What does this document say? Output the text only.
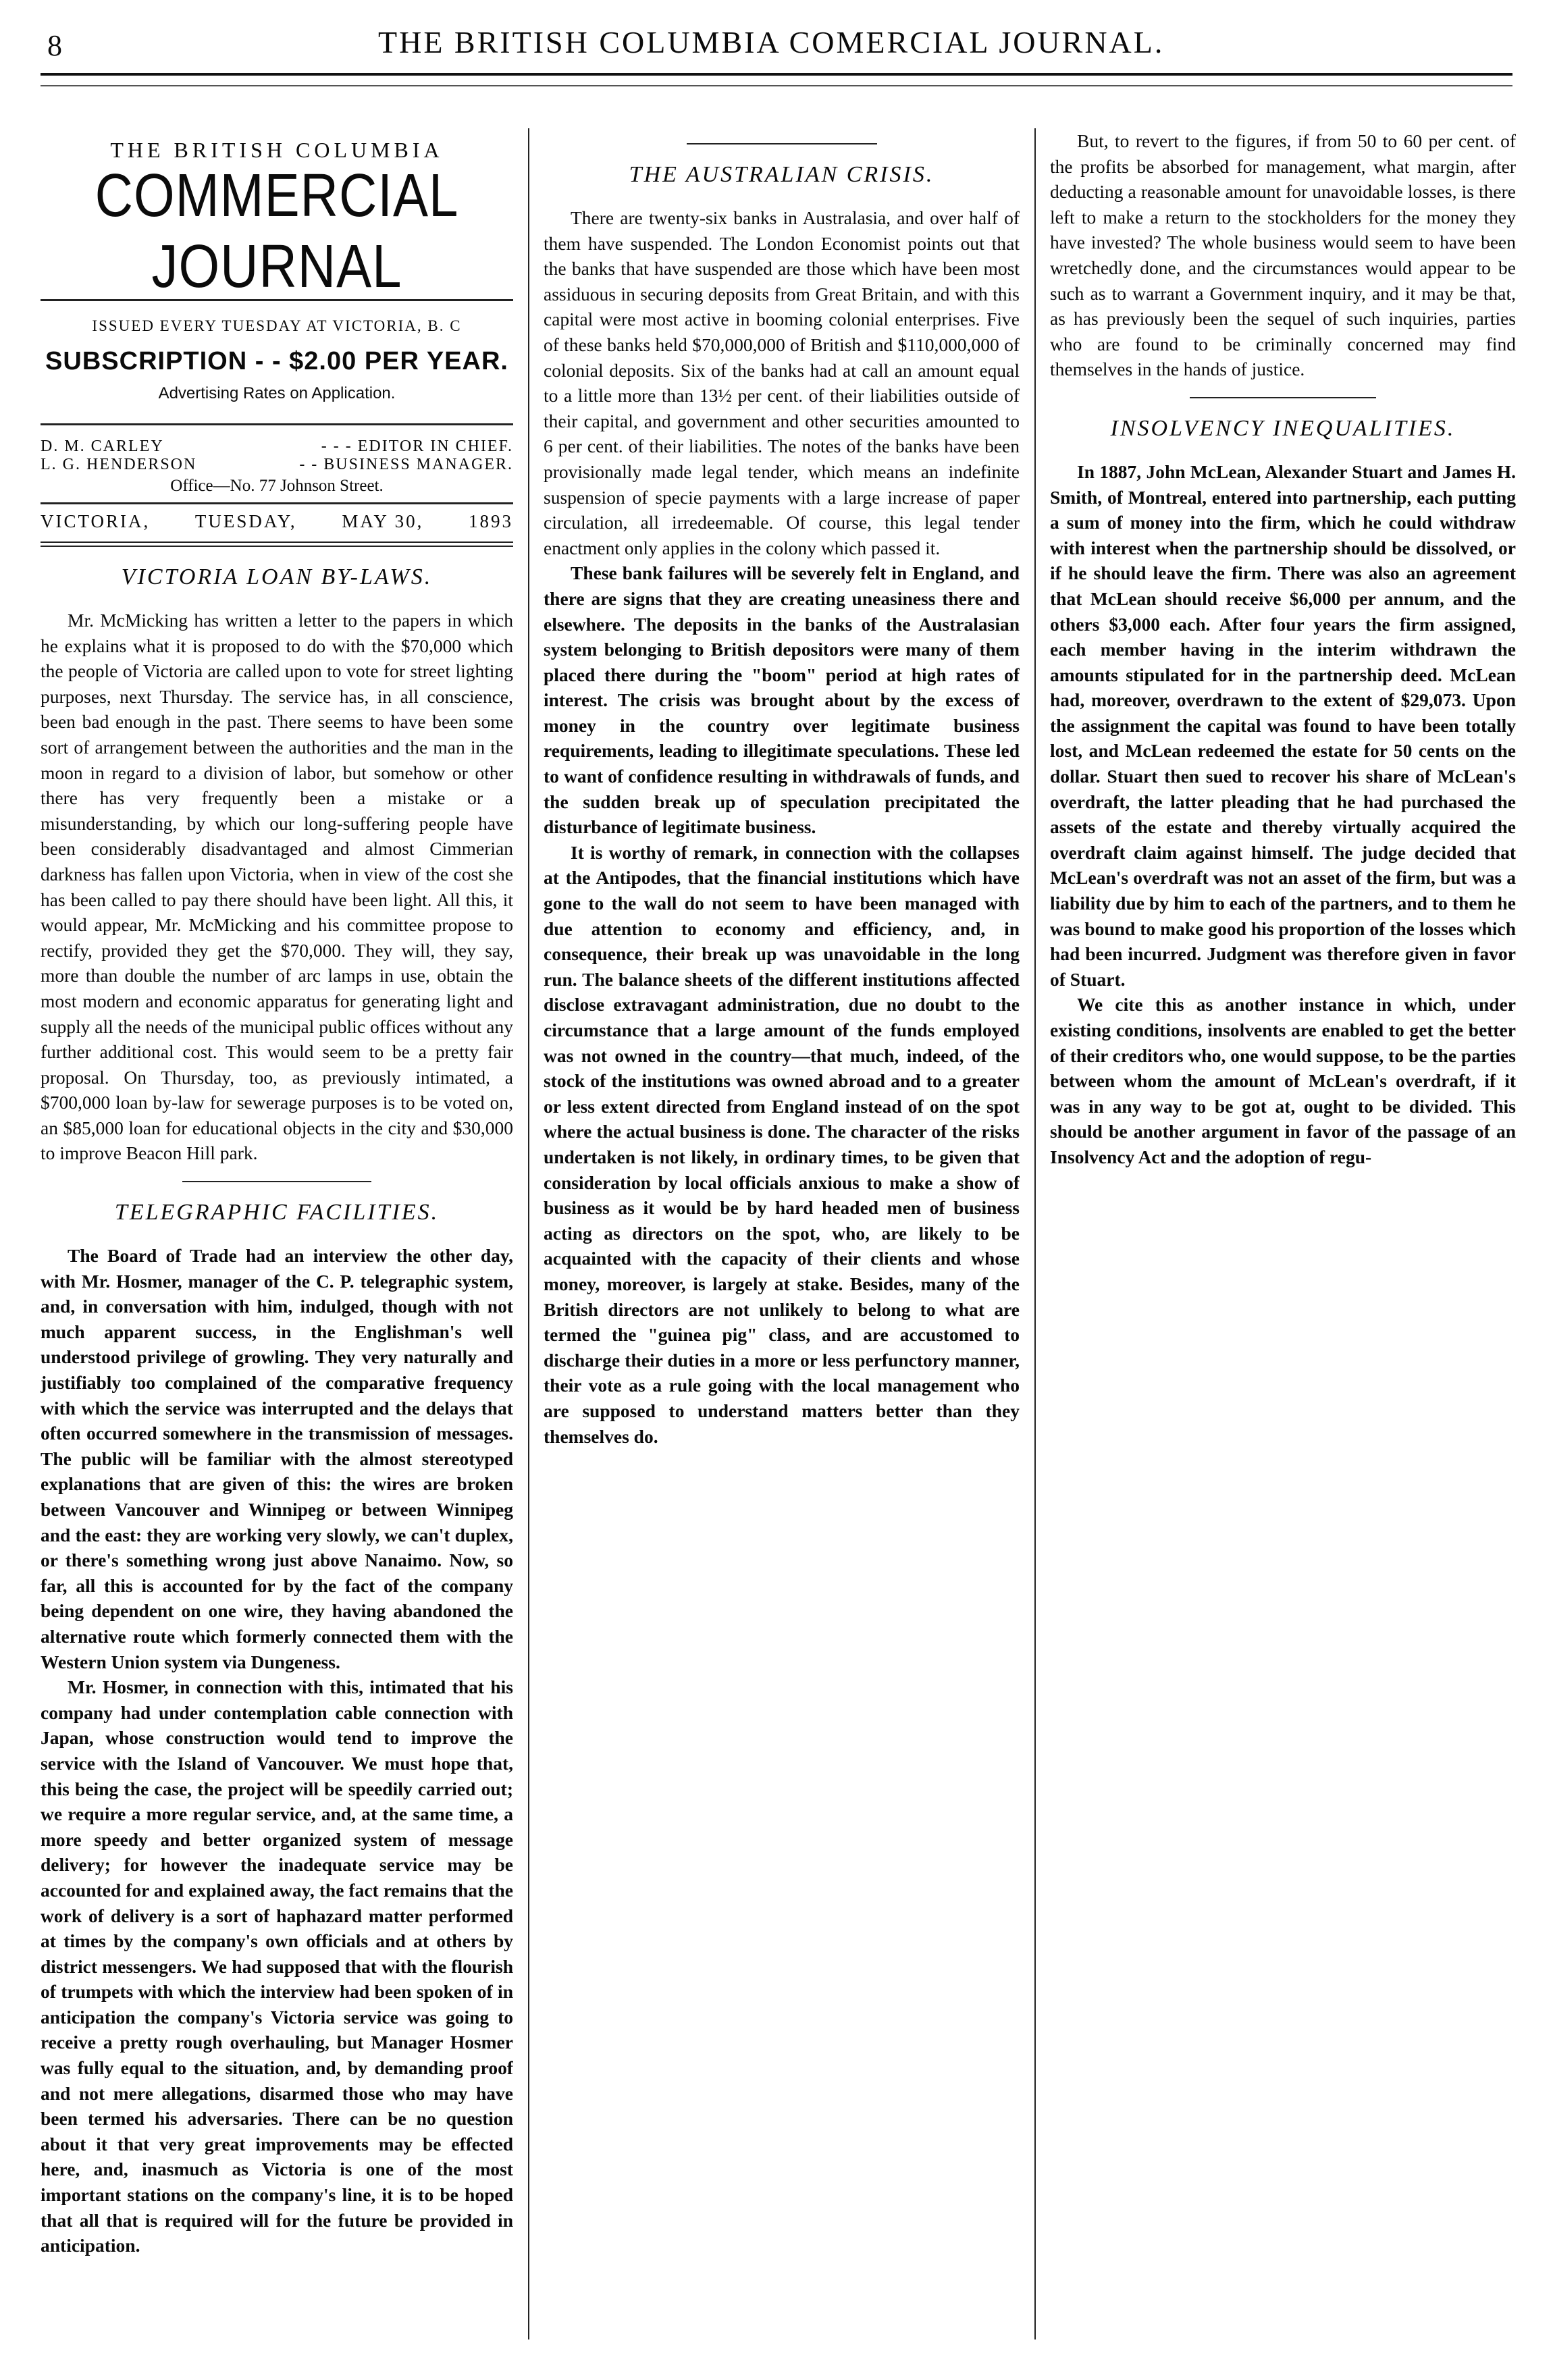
8	THE BRITISH COLUMBIA COMERCIAL JOURNAL.
THE BRITISH COLUMBIA
COMMERCIAL JOURNAL
ISSUED EVERY TUESDAY AT VICTORIA, B. C
SUBSCRIPTION - - $2.00 PER YEAR.
Advertising Rates on Application.
D. M. CARLEY	- - - EDITOR IN CHIEF.
L. G. HENDERSON	- - BUSINESS MANAGER.
Office—No. 77 Johnson Street.
VICTORIA, TUESDAY, MAY 30, 1893
VICTORIA LOAN BY-LAWS.

Mr. McMicking has written a letter to the papers in which he explains what it is proposed to do with the $70,000 which the people of Victoria are called upon to vote for street lighting purposes, next Thursday. The service has, in all conscience, been bad enough in the past. There seems to have been some sort of arrangement between the authorities and the man in the moon in regard to a division of labor, but somehow or other there has very frequently been a mistake or a misunderstanding, by which our long-suffering people have been considerably disadvantaged and almost Cimmerian darkness has fallen upon Victoria, when in view of the cost she has been called to pay there should have been light. All this, it would appear, Mr. McMicking and his committee propose to rectify, provided they get the $70,000. They will, they say, more than double the number of arc lamps in use, obtain the most modern and economic apparatus for generating light and supply all the needs of the municipal public offices without any further additional cost. This would seem to be a pretty fair proposal. On Thursday, too, as previously intimated, a $700,000 loan by-law for sewerage purposes is to be voted on, an $85,000 loan for educational objects in the city and $30,000 to improve Beacon Hill park.

TELEGRAPHIC FACILITIES.

The Board of Trade had an interview the other day, with Mr. Hosmer, manager of the C. P. telegraphic system, and, in conversation with him, indulged, though with not much apparent success, in the Englishman's well understood privilege of growling. They very naturally and justifiably too complained of the comparative frequency with which the service was interrupted and the delays that often occurred somewhere in the transmission of messages. The public will be familiar with the almost stereotyped explanations that are given of this: the wires are broken between Vancouver and Winnipeg or between Winnipeg and the east: they are working very slowly, we can't duplex, or there's something wrong just above Nanaimo. Now, so far, all this is accounted for by the fact of the company being dependent on one wire, they having abandoned the alternative route which formerly connected them with the Western Union system via Dungeness.

Mr. Hosmer, in connection with this, intimated that his company had under contemplation cable connection with Japan, whose construction would tend to improve the service with the Island of Vancouver. We must hope that, this being the case, the project will be speedily carried out; we require a more regular service, and, at the same time, a more speedy and better organized system of message delivery; for however the inadequate service may be accounted for and explained away, the fact remains that the work of delivery is a sort of haphazard matter performed at times by the company's own officials and at others by district messengers. We had supposed that with the flourish of trumpets with which the interview had been spoken of in anticipation the company's Victoria service was going to receive a pretty rough overhauling, but Manager Hosmer was fully equal to the situation, and, by demanding proof and not mere allegations, disarmed those who may have been termed his adversaries. There can be no question about it that very great improvements may be effected here, and, inasmuch as Victoria is one of the most important stations on the company's line, it is to be hoped that all that is required will for the future be provided in anticipation.

THE AUSTRALIAN CRISIS.

There are twenty-six banks in Australasia, and over half of them have suspended. The London Economist points out that the banks that have suspended are those which have been most assiduous in securing deposits from Great Britain, and with this capital were most active in booming colonial enterprises. Five of these banks held $70,000,000 of British and $110,000,000 of colonial deposits. Six of the banks had at call an amount equal to a little more than 13½ per cent. of their liabilities outside of their capital, and government and other securities amounted to 6 per cent. of their liabilities. The notes of the banks have been provisionally made legal tender, which means an indefinite suspension of specie payments with a large increase of paper circulation, all irredeemable. Of course, this legal tender enactment only applies in the colony which passed it.

These bank failures will be severely felt in England, and there are signs that they are creating uneasiness there and elsewhere. The deposits in the banks of the Australasian system belonging to British depositors were many of them placed there during the "boom" period at high rates of interest. The crisis was brought about by the excess of money in the country over legitimate business requirements, leading to illegitimate speculations. These led to want of confidence resulting in withdrawals of funds, and the sudden break up of speculation precipitated the disturbance of legitimate business.

It is worthy of remark, in connection with the collapses at the Antipodes, that the financial institutions which have gone to the wall do not seem to have been managed with due attention to economy and efficiency, and, in consequence, their break up was unavoidable in the long run. The balance sheets of the different institutions affected disclose extravagant administration, due no doubt to the circumstance that a large amount of the funds employed was not owned in the country—that much, indeed, of the stock of the institutions was owned abroad and to a greater or less extent directed from England instead of on the spot where the actual business is done. The character of the risks undertaken is not likely, in ordinary times, to be given that consideration by local officials anxious to make a show of business as it would be by hard headed men of business acting as directors on the spot, who, are likely to be acquainted with the capacity of their clients and whose money, moreover, is largely at stake. Besides, many of the British directors are not unlikely to belong to what are termed the "guinea pig" class, and are accustomed to discharge their duties in a more or less perfunctory manner, their vote as a rule going with the local management who are supposed to understand matters better than they themselves do.

But, to revert to the figures, if from 50 to 60 per cent. of the profits be absorbed for management, what margin, after deducting a reasonable amount for unavoidable losses, is there left to make a return to the stockholders for the money they have invested? The whole business would seem to have been wretchedly done, and the circumstances would appear to be such as to warrant a Government inquiry, and it may be that, as has previously been the sequel of such inquiries, parties who are found to be criminally concerned may find themselves in the hands of justice.

INSOLVENCY INEQUALITIES.

In 1887, John McLean, Alexander Stuart and James H. Smith, of Montreal, entered into partnership, each putting a sum of money into the firm, which he could withdraw with interest when the partnership should be dissolved, or if he should leave the firm. There was also an agreement that McLean should receive $6,000 per annum, and the others $3,000 each. After four years the firm assigned, each member having in the interim withdrawn the amounts stipulated for in the partnership deed. McLean had, moreover, overdrawn to the extent of $29,073. Upon the assignment the capital was found to have been totally lost, and McLean redeemed the estate for 50 cents on the dollar. Stuart then sued to recover his share of McLean's overdraft, the latter pleading that he had purchased the assets of the estate and thereby virtually acquired the overdraft claim against himself. The judge decided that McLean's overdraft was not an asset of the firm, but was a liability due by him to each of the partners, and to them he was bound to make good his proportion of the losses which had been incurred. Judgment was therefore given in favor of Stuart.

We cite this as another instance in which, under existing conditions, insolvents are enabled to get the better of their creditors who, one would suppose, to be the parties between whom the amount of McLean's overdraft, if it was in any way to be got at, ought to be divided. This should be another argument in favor of the passage of an Insolvency Act and the adoption of regu-
